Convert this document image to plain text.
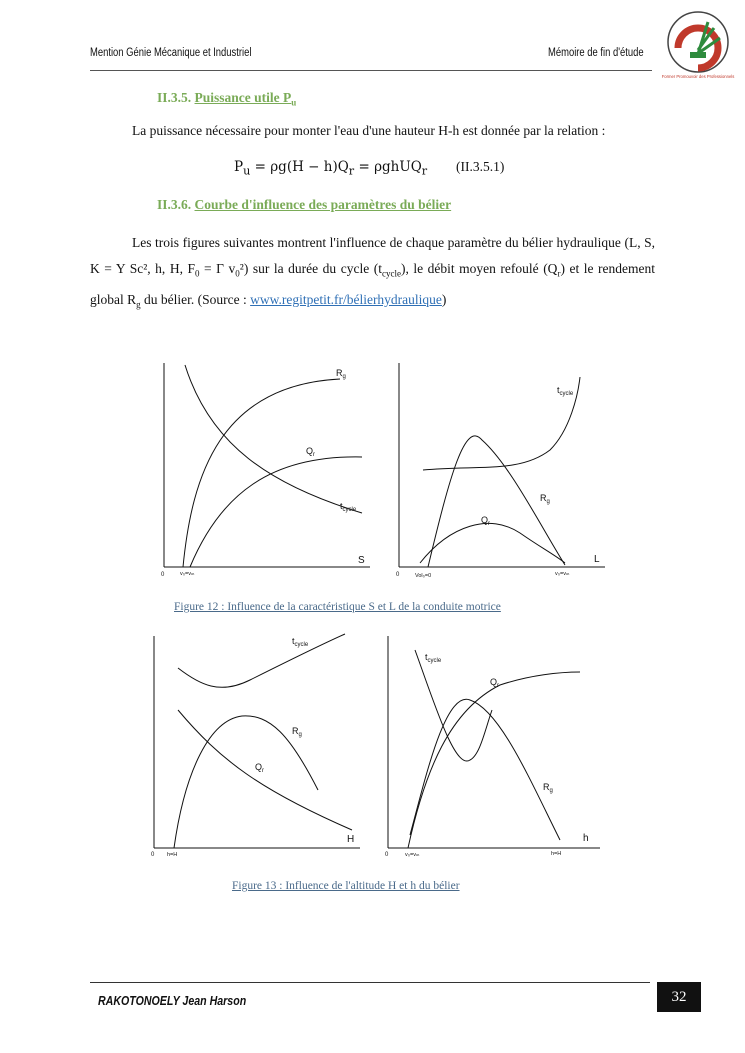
Mention Génie Mécanique et Industriel	Mémoire de fin d'étude
Former Promouvoir des Professionnels
II.3.5. Puissance utile $P_u$
La puissance nécessaire pour monter l'eau d'une hauteur H-h est donnée par la relation :
$P_u = \rho g(H - h)Q_r$ = ρghUQ$_r$ (II.3.5.1)
II.3.6. Courbe d'influence des paramètres du bélier
Les trois figures suivantes montrent l'influence de chaque paramètre du bélier hydraulique (L, S, K = Y Sc², h, H, $F_0 = \Gamma$ $v_0^2$) sur la durée du cycle $(t_{cycle})$, le débit moyen refoulé $(Q_r)$ et le rendement global $R_g$ du bélier. (Source : www.regitpetit.fr/bélierhydraulique)
$R_g$
$Q_r$
$t_{cycle}$
S
0	v₀=vₘ
$t_{cycle}$
$R_g$
$Q_r$
L
0	Vol₀=0	v₀=vₘ
Figure 12 : Influence de la caractéristique S et L de la conduite motrice
$t_{cycle}$
$R_g$
$Q_r$
H
0 h=H
$t_{cycle}$
$Q_r$
$R_g$
h
0	v₀=vₘ	h=H
Figure 13 : Influence de l'altitude H et h du bélier
RAKOTONOELY Jean Harson	32
